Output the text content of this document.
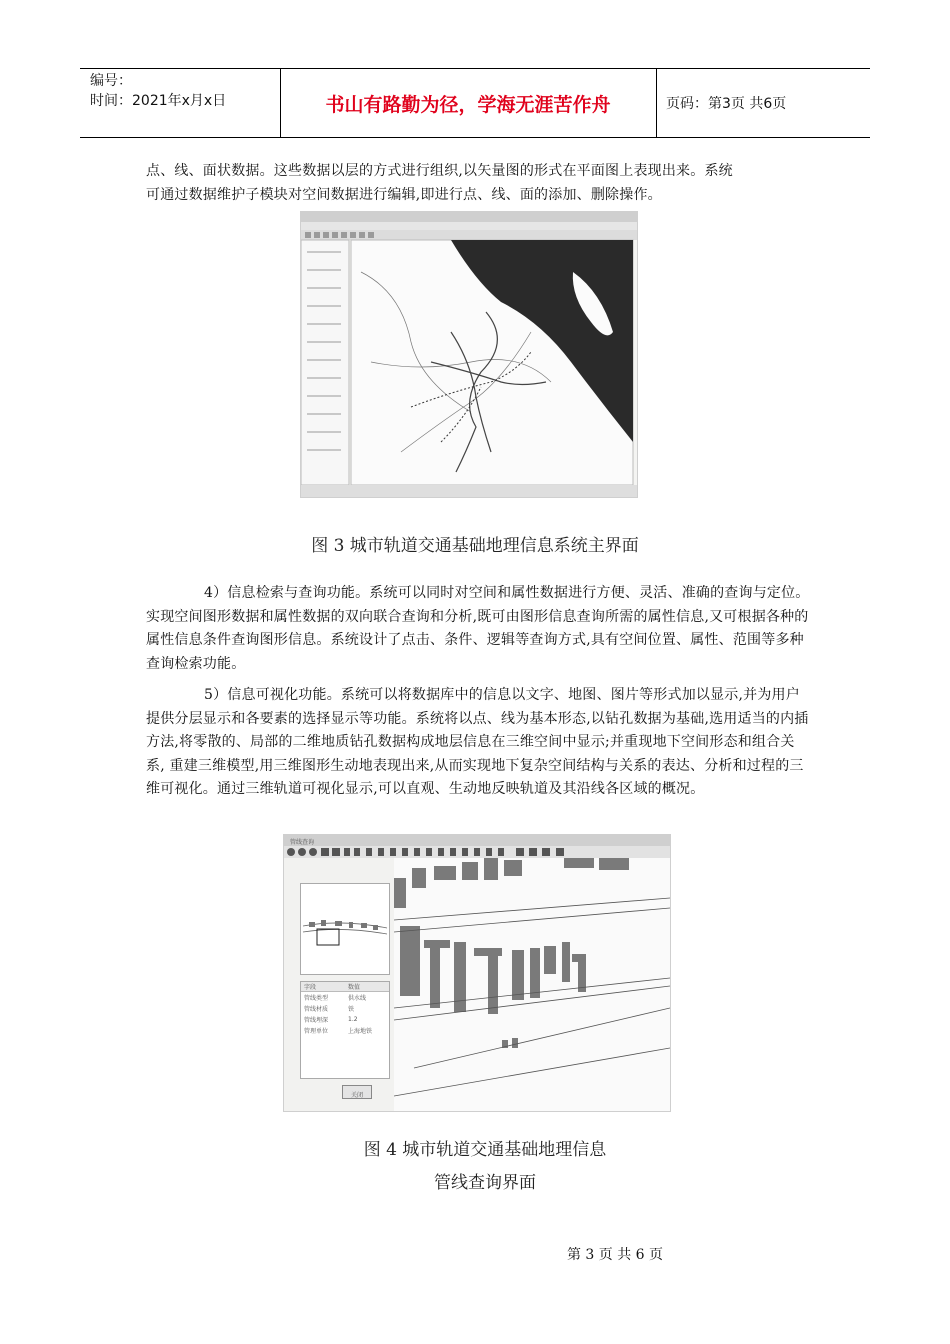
编号：
时间：2021年x月x日	书山有路勤为径，学海无涯苦作舟	页码：第3页 共6页

点、线、面状数据。这些数据以层的方式进行组织,以矢量图的形式在平面图上表现出来。系统

可通过数据维护子模块对空间数据进行编辑,即进行点、线、面的添加、删除操作。

图 3 城市轨道交通基础地理信息系统主界面
4）信息检索与查询功能。系统可以同时对空间和属性数据进行方便、灵活、准确的查询与定位。实现空间图形数据和属性数据的双向联合查询和分析,既可由图形信息查询所需的属性信息,又可根据各种的属性信息条件查询图形信息。系统设计了点击、条件、逻辑等查询方式,具有空间位置、属性、范围等多种查询检索功能。
5）信息可视化功能。系统可以将数据库中的信息以文字、地图、图片等形式加以显示,并为用户提供分层显示和各要素的选择显示等功能。系统将以点、线为基本形态,以钻孔数据为基础,选用适当的内插方法,将零散的、局部的二维地质钻孔数据构成地层信息在三维空间中显示;并重现地下空间形态和组合关系, 重建三维模型,用三维图形生动地表现出来,从而实现地下复杂空间结构与关系的表达、分析和过程的三维可视化。通过三维轨道可视化显示,可以直观、生动地反映轨道及其沿线各区域的概况。
管线查询
字段	数值
管线类型	供水线
管线材质	铁
管线埋深	1.2
管理单位	上海地铁
关闭
图 4 城市轨道交通基础地理信息
管线查询界面
第 3 页 共 6 页
